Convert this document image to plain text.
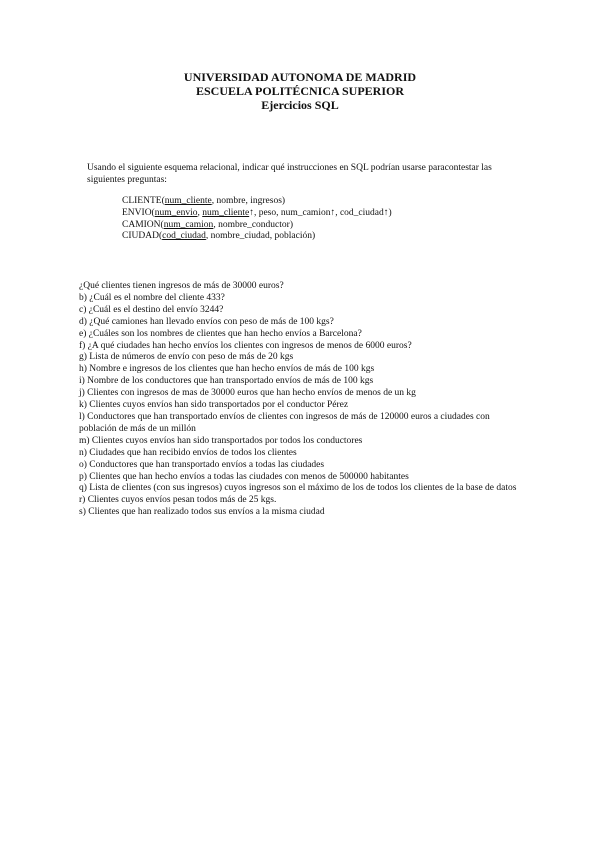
UNIVERSIDAD AUTONOMA DE MADRID
ESCUELA POLITÉCNICA SUPERIOR
Ejercicios SQL
Usando el siguiente esquema relacional, indicar qué instrucciones en SQL podrían usarse paracontestar las siguientes preguntas:
CLIENTE(num_cliente, nombre, ingresos)
ENVIO(num_envio, num_cliente↑, peso, num_camion↑, cod_ciudad↑)
CAMION(num_camion, nombre_conductor)
CIUDAD(cod_ciudad, nombre_ciudad, población)
¿Qué clientes tienen ingresos de más de 30000 euros?
b) ¿Cuál es el nombre del cliente 433?
c) ¿Cuál es el destino del envío 3244?
d) ¿Qué camiones han llevado envíos con peso de más de 100 kgs?
e) ¿Cuáles son los nombres de clientes que han hecho envíos a Barcelona?
f) ¿A qué ciudades han hecho envíos los clientes con ingresos de menos de 6000 euros?
g) Lista de números de envío con peso de más de 20 kgs
h) Nombre e ingresos de los clientes que han hecho envíos de más de 100 kgs
i) Nombre de los conductores que han transportado envíos de más de 100 kgs
j) Clientes con ingresos de mas de 30000 euros que han hecho envíos de menos de un kg
k) Clientes cuyos envíos han sido transportados por el conductor Pérez
l) Conductores que han transportado envíos de clientes con ingresos de más de 120000 euros a ciudades con población de más de un millón
m) Clientes cuyos envíos han sido transportados por todos los conductores
n) Ciudades que han recibido envíos de todos los clientes
o) Conductores que han transportado envíos a todas las ciudades
p) Clientes que han hecho envíos a todas las ciudades con menos de 500000 habitantes
q) Lista de clientes (con sus ingresos) cuyos ingresos son el máximo de los de todos los clientes de la base de datos
r) Clientes cuyos envíos pesan todos más de 25 kgs.
s) Clientes que han realizado todos sus envíos a la misma ciudad
